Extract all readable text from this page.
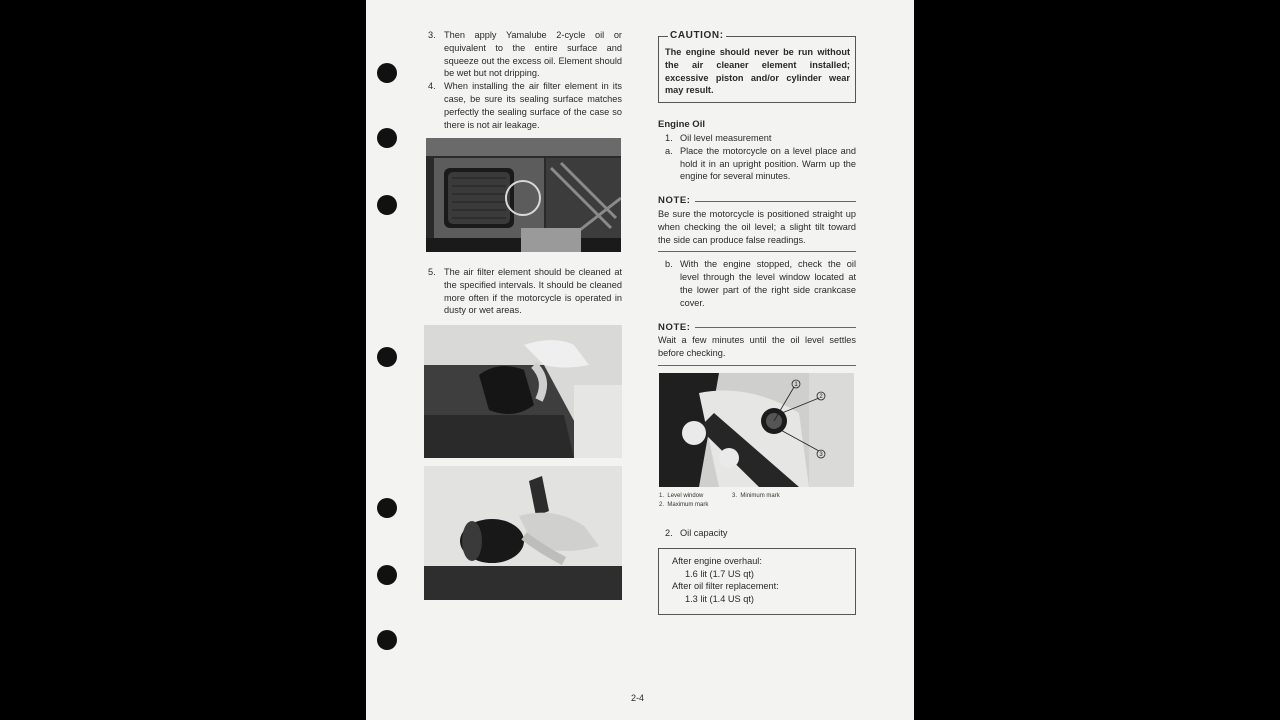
3. Then apply Yamalube 2-cycle oil or equivalent to the entire surface and squeeze out the excess oil. Element should be wet but not dripping.
4. When installing the air filter element in its case, be sure its sealing surface matches perfectly the sealing surface of the case so there is not air leakage.
5. The air filter element should be cleaned at the specified intervals. It should be cleaned more often if the motorcycle is operated in dusty or wet areas.
CAUTION:
The engine should never be run without the air cleaner element installed; excessive piston and/or cylinder wear may result.
Engine Oil
1. Oil level measurement
a. Place the motorcycle on a level place and hold it in an upright position. Warm up the engine for several minutes.
NOTE:
Be sure the motorcycle is positioned straight up when checking the oil level; a slight tilt toward the side can produce false readings.
b. With the engine stopped, check the oil level through the level window located at the lower part of the right side crankcase cover.
NOTE:
Wait a few minutes until the oil level settles before checking.
1
2
3
1. Level window	3. Minimum mark
2. Maximum mark
2. Oil capacity
After engine overhaul:
1.6 lit (1.7 US qt)
After oil filter replacement:
1.3 lit (1.4 US qt)
2-4
